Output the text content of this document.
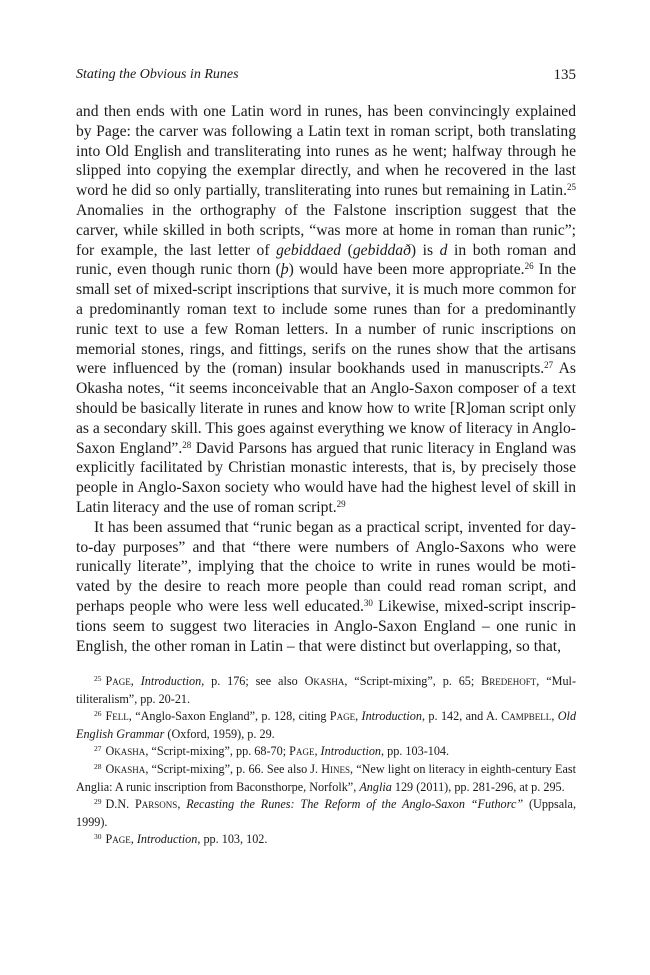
Stating the Obvious in Runes	135

and then ends with one Latin word in runes, has been convincingly explained by Page: the carver was following a Latin text in roman script, both translating into Old English and transliterating into runes as he went; halfway through he slipped into copying the exemplar directly, and when he recovered in the last word he did so only partially, transliterating into runes but remaining in Latin.$^{25}$ Anomalies in the orthography of the Falstone inscription suggest that the carver, while skilled in both scripts, “was more at home in roman than runic”; for example, the last letter of gebiddaed (gebiddað) is d in both roman and runic, even though runic thorn (þ) would have been more appropriate.$^{26}$ In the small set of mixed-script inscriptions that survive, it is much more common for a predominantly roman text to include some runes than for a predominantly runic text to use a few Roman letters. In a number of runic inscriptions on memorial stones, rings, and fittings, serifs on the runes show that the artisans were influenced by the (roman) insular bookhands used in manuscripts.$^{27}$ As Okasha notes, “it seems inconceivable that an Anglo-Saxon composer of a text should be basically literate in runes and know how to write [R]oman script only as a secondary skill. This goes against everything we know of literacy in Anglo-Saxon England”.$^{28}$ David Parsons has argued that runic literacy in England was explicitly facilitated by Christian monastic interests, that is, by precisely those people in Anglo-Saxon society who would have had the highest level of skill in Latin literacy and the use of roman script.$^{29}$

It has been assumed that “runic began as a practical script, invented for day-to-day purposes” and that “there were numbers of Anglo-Saxons who were runically literate”, implying that the choice to write in runes would be motivated by the desire to reach more people than could read roman script, and perhaps people who were less well educated.$^{30}$ Likewise, mixed-script inscriptions seem to suggest two literacies in Anglo-Saxon England – one runic in English, the other roman in Latin – that were distinct but overlapping, so that,

$^{25}$ Page, Introduction, p. 176; see also Okasha, “Script-mixing”, p. 65; Bredehoft, “Multiliteralism”, pp. 20-21.

$^{26}$ Fell, “Anglo-Saxon England”, p. 128, citing Page, Introduction, p. 142, and A. Campbell, Old English Grammar (Oxford, 1959), p. 29.

$^{27}$ Okasha, “Script-mixing”, pp. 68-70; Page, Introduction, pp. 103-104.

$^{28}$ Okasha, “Script-mixing”, p. 66. See also J. Hines, “New light on literacy in eighth-century East Anglia: A runic inscription from Baconsthorpe, Norfolk”, Anglia 129 (2011), pp. 281-296, at p. 295.

$^{29}$ D.N. Parsons, Recasting the Runes: The Reform of the Anglo-Saxon “Futhorc” (Uppsala, 1999).

$^{30}$ Page, Introduction, pp. 103, 102.
